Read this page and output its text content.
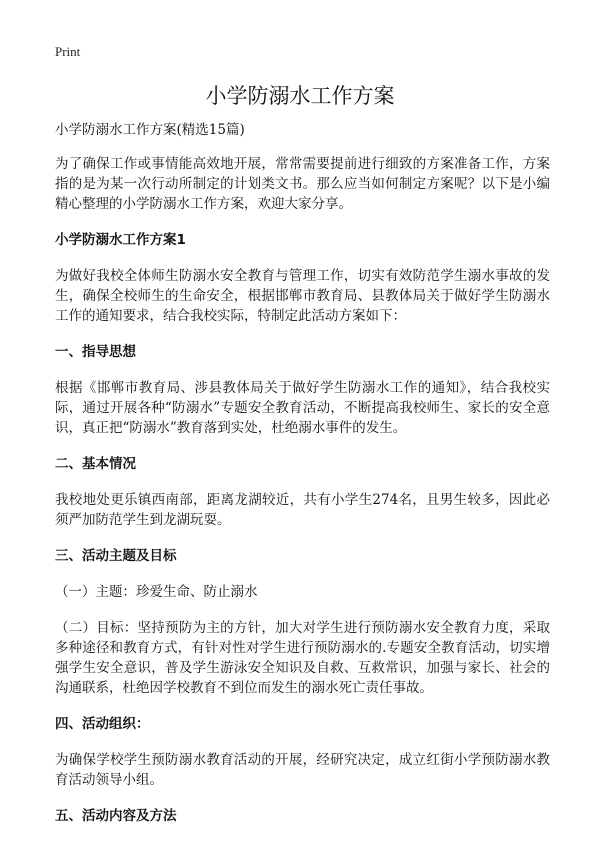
Print
小学防溺水工作方案

小学防溺水工作方案(精选15篇)

为了确保工作或事情能高效地开展，常常需要提前进行细致的方案准备工作，方案指的是为某一次行动所制定的计划类文书。那么应当如何制定方案呢？以下是小编精心整理的小学防溺水工作方案，欢迎大家分享。

小学防溺水工作方案1

为做好我校全体师生防溺水安全教育与管理工作，切实有效防范学生溺水事故的发生，确保全校师生的生命安全，根据邯郸市教育局、县教体局关于做好学生防溺水工作的通知要求，结合我校实际，特制定此活动方案如下：

一、指导思想

根据《邯郸市教育局、涉县教体局关于做好学生防溺水工作的通知》，结合我校实际，通过开展各种“防溺水”专题安全教育活动，不断提高我校师生、家长的安全意识，真正把“防溺水”教育落到实处，杜绝溺水事件的发生。

二、基本情况

我校地处更乐镇西南部，距离龙湖较近，共有小学生274名，且男生较多，因此必须严加防范学生到龙湖玩耍。

三、活动主题及目标

（一）主题：珍爱生命、防止溺水

（二）目标：坚持预防为主的方针，加大对学生进行预防溺水安全教育力度，采取多种途径和教育方式，有针对性对学生进行预防溺水的.专题安全教育活动，切实增强学生安全意识，普及学生游泳安全知识及自救、互救常识，加强与家长、社会的沟通联系，杜绝因学校教育不到位而发生的溺水死亡责任事故。

四、活动组织：

为确保学校学生预防溺水教育活动的开展，经研究决定，成立红街小学预防溺水教育活动领导小组。

五、活动内容及方法
